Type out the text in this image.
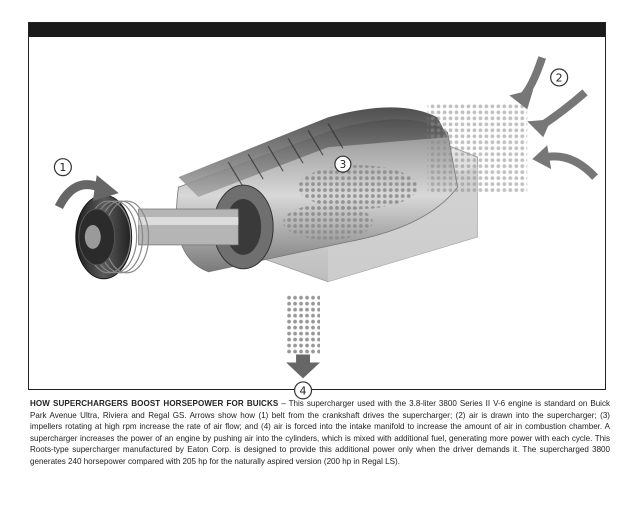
1
2
3
4
HOW SUPERCHARGERS BOOST HORSEPOWER FOR BUICKS – This supercharger used with the 3.8-liter 3800 Series II V-6 engine is standard on Buick Park Avenue Ultra, Riviera and Regal GS. Arrows show how (1) belt from the crankshaft drives the supercharger; (2) air is drawn into the supercharger; (3) impellers rotating at high rpm increase the rate of air flow; and (4) air is forced into the intake manifold to increase the amount of air in combustion chamber. A supercharger increases the power of an engine by pushing air into the cylinders, which is mixed with additional fuel, generating more power with each cycle. This Roots-type supercharger manufactured by Eaton Corp. is designed to provide this additional power only when the driver demands it. The supercharged 3800 generates 240 horsepower compared with 205 hp for the naturally aspired version (200 hp in Regal LS).
